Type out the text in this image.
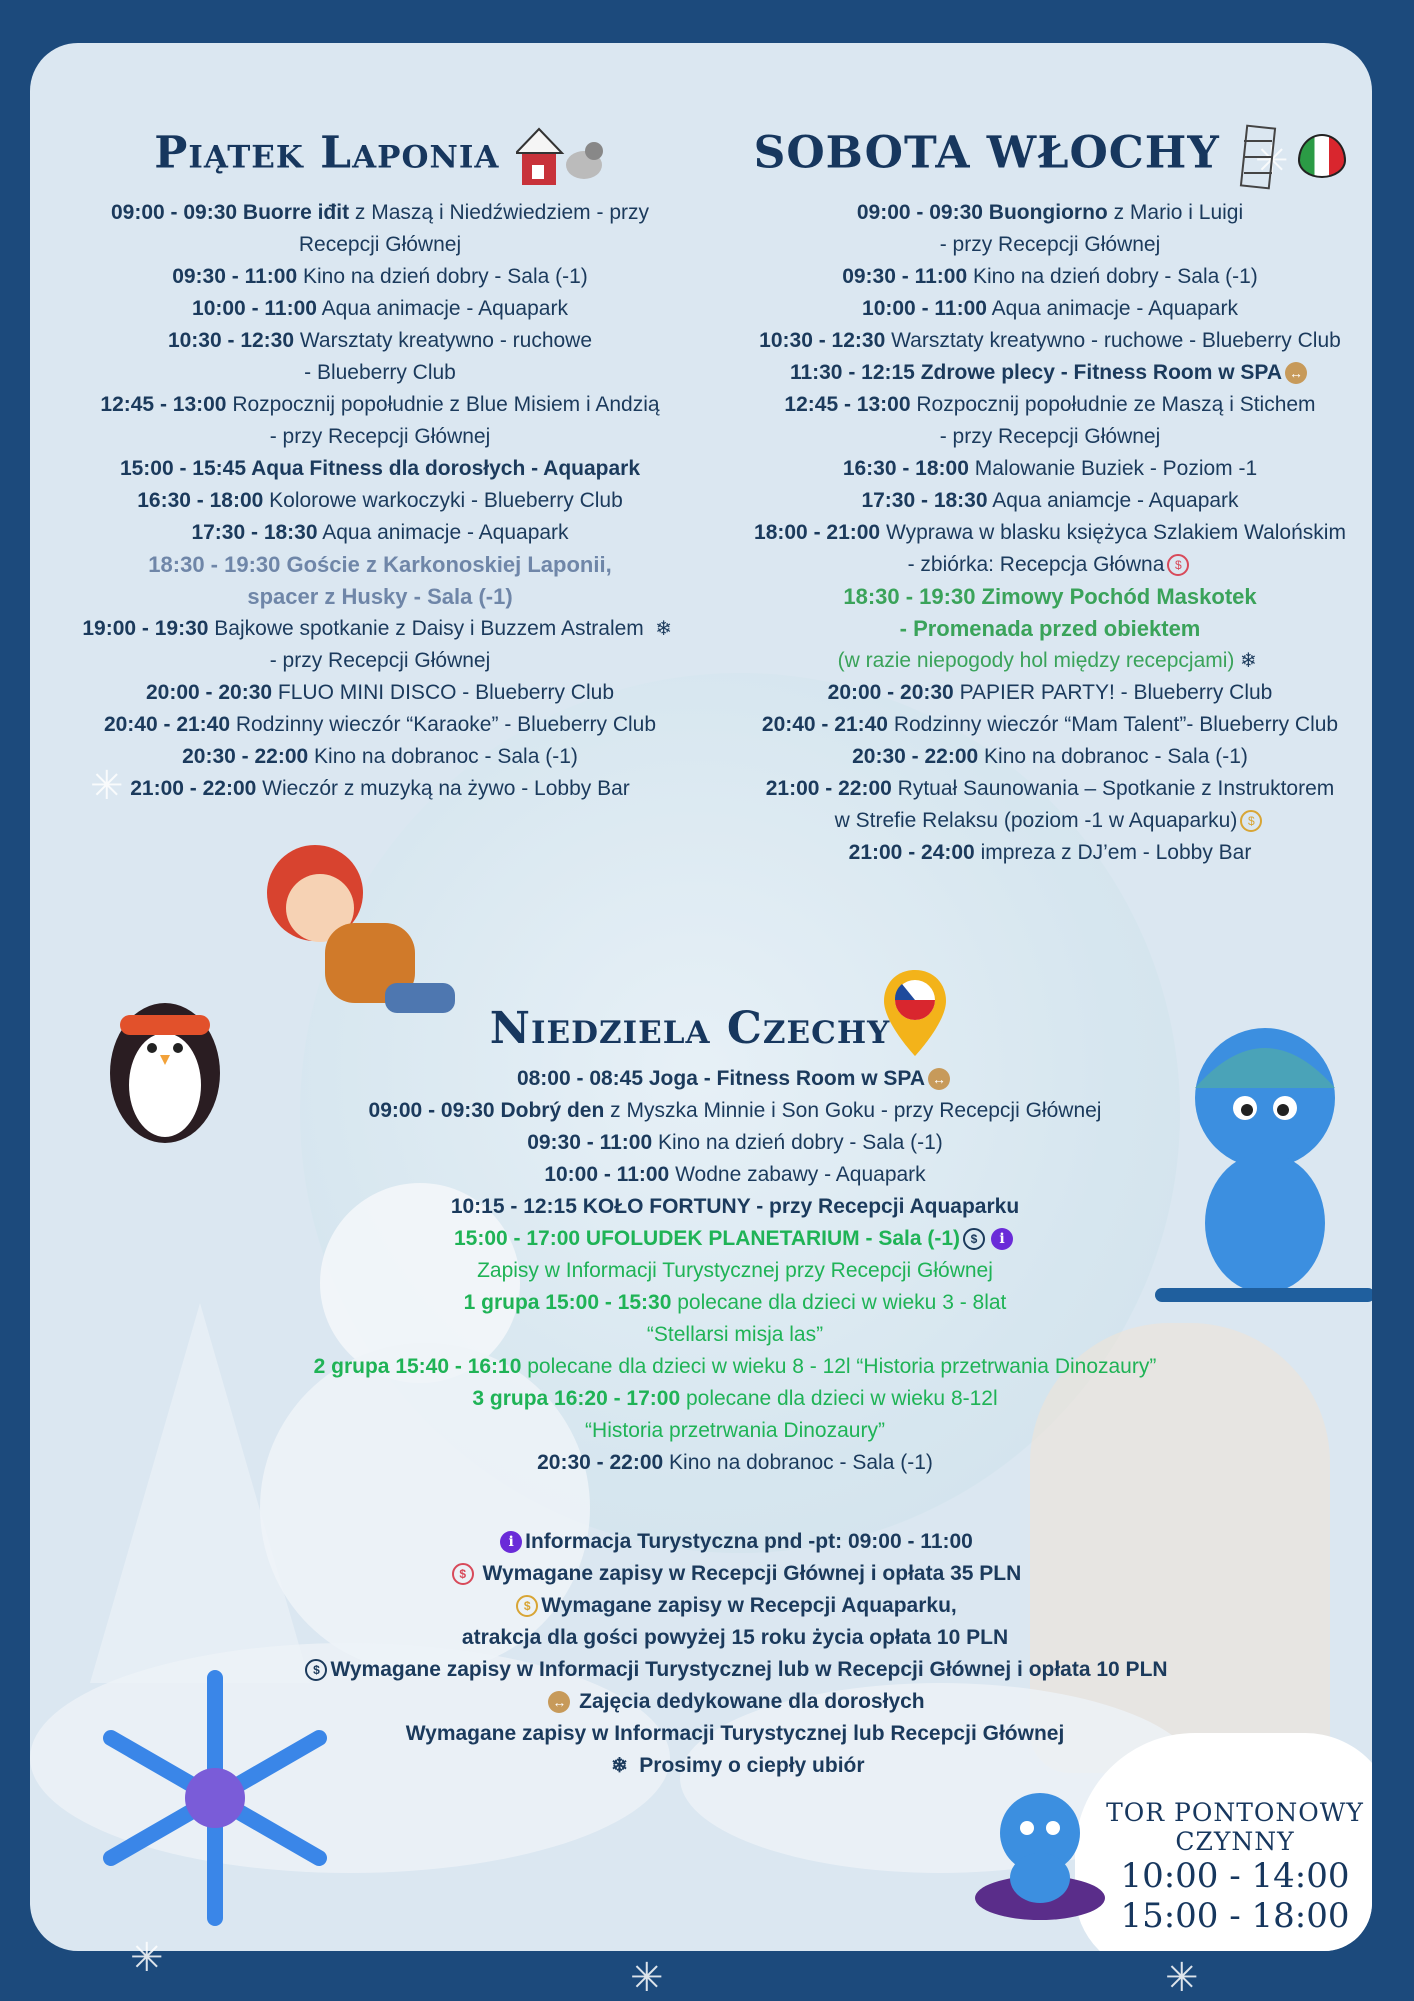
✳
✳
Piątek Laponia
09:00 - 09:30 Buorre iđit z Maszą i Niedźwiedziem - przy
Recepcji Głównej
09:30 - 11:00 Kino na dzień dobry - Sala (-1)
10:00 - 11:00 Aqua animacje - Aquapark
10:30 - 12:30 Warsztaty kreatywno - ruchowe
- Blueberry Club
12:45 - 13:00 Rozpocznij popołudnie z Blue Misiem i Andzią
- przy Recepcji Głównej
15:00 - 15:45 Aqua Fitness dla dorosłych - Aquapark
16:30 - 18:00 Kolorowe warkoczyki - Blueberry Club
17:30 - 18:30 Aqua animacje - Aquapark
18:30 - 19:30 Goście z Karkonoskiej Laponii,
spacer z Husky - Sala (-1)
19:00 - 19:30 Bajkowe spotkanie z Daisy i Buzzem Astralem ❄
- przy Recepcji Głównej
20:00 - 20:30 FLUO MINI DISCO - Blueberry Club
20:40 - 21:40 Rodzinny wieczór “Karaoke” - Blueberry Club
20:30 - 22:00 Kino na dobranoc - Sala (-1)
21:00 - 22:00 Wieczór z muzyką na żywo - Lobby Bar
SOBOTA WŁOCHY
09:00 - 09:30 Buongiorno z Mario i Luigi
- przy Recepcji Głównej
09:30 - 11:00 Kino na dzień dobry - Sala (-1)
10:00 - 11:00 Aqua animacje - Aquapark
10:30 - 12:30 Warsztaty kreatywno - ruchowe - Blueberry Club
11:30 - 12:15 Zdrowe plecy - Fitness Room w SPA ↔
12:45 - 13:00 Rozpocznij popołudnie ze Maszą i Stichem
- przy Recepcji Głównej
16:30 - 18:00 Malowanie Buziek - Poziom -1
17:30 - 18:30 Aqua aniamcje - Aquapark
18:00 - 21:00 Wyprawa w blasku księżyca Szlakiem Walońskim
- zbiórka: Recepcja Główna $
18:30 - 19:30 Zimowy Pochód Maskotek
- Promenada przed obiektem
(w razie niepogody hol między recepcjami) ❄
20:00 - 20:30 PAPIER PARTY! - Blueberry Club
20:40 - 21:40 Rodzinny wieczór “Mam Talent”- Blueberry Club
20:30 - 22:00 Kino na dobranoc - Sala (-1)
21:00 - 22:00 Rytuał Saunowania – Spotkanie z Instruktorem
w Strefie Relaksu (poziom -1 w Aquaparku) $
21:00 - 24:00 impreza z DJ’em - Lobby Bar
Niedziela Czechy
08:00 - 08:45 Joga - Fitness Room w SPA ↔
09:00 - 09:30 Dobrý den z Myszka Minnie i Son Goku - przy Recepcji Głównej
09:30 - 11:00 Kino na dzień dobry - Sala (-1)
10:00 - 11:00 Wodne zabawy - Aquapark
10:15 - 12:15 KOŁO FORTUNY - przy Recepcji Aquaparku
15:00 - 17:00 UFOLUDEK PLANETARIUM - Sala (-1) $ i
Zapisy w Informacji Turystycznej przy Recepcji Głównej
1 grupa 15:00 - 15:30 polecane dla dzieci w wieku 3 - 8lat
“Stellarsi misja las”
2 grupa 15:40 - 16:10 polecane dla dzieci w wieku 8 - 12l “Historia przetrwania Dinozaury”
3 grupa 16:20 - 17:00 polecane dla dzieci w wieku 8-12l
“Historia przetrwania Dinozaury”
20:30 - 22:00 Kino na dobranoc - Sala (-1)
i Informacja Turystyczna pnd -pt: 09:00 - 11:00
$ Wymagane zapisy w Recepcji Głównej i opłata 35 PLN
$ Wymagane zapisy w Recepcji Aquaparku,
atrakcja dla gości powyżej 15 roku życia opłata 10 PLN
$ Wymagane zapisy w Informacji Turystycznej lub w Recepcji Głównej i opłata 10 PLN
↔ Zajęcia dedykowane dla dorosłych
Wymagane zapisy w Informacji Turystycznej lub Recepcji Głównej
❄ Prosimy o ciepły ubiór
TOR PONTONOWY CZYNNY
10:00 - 14:00
15:00 - 18:00
✳	✳	✳
